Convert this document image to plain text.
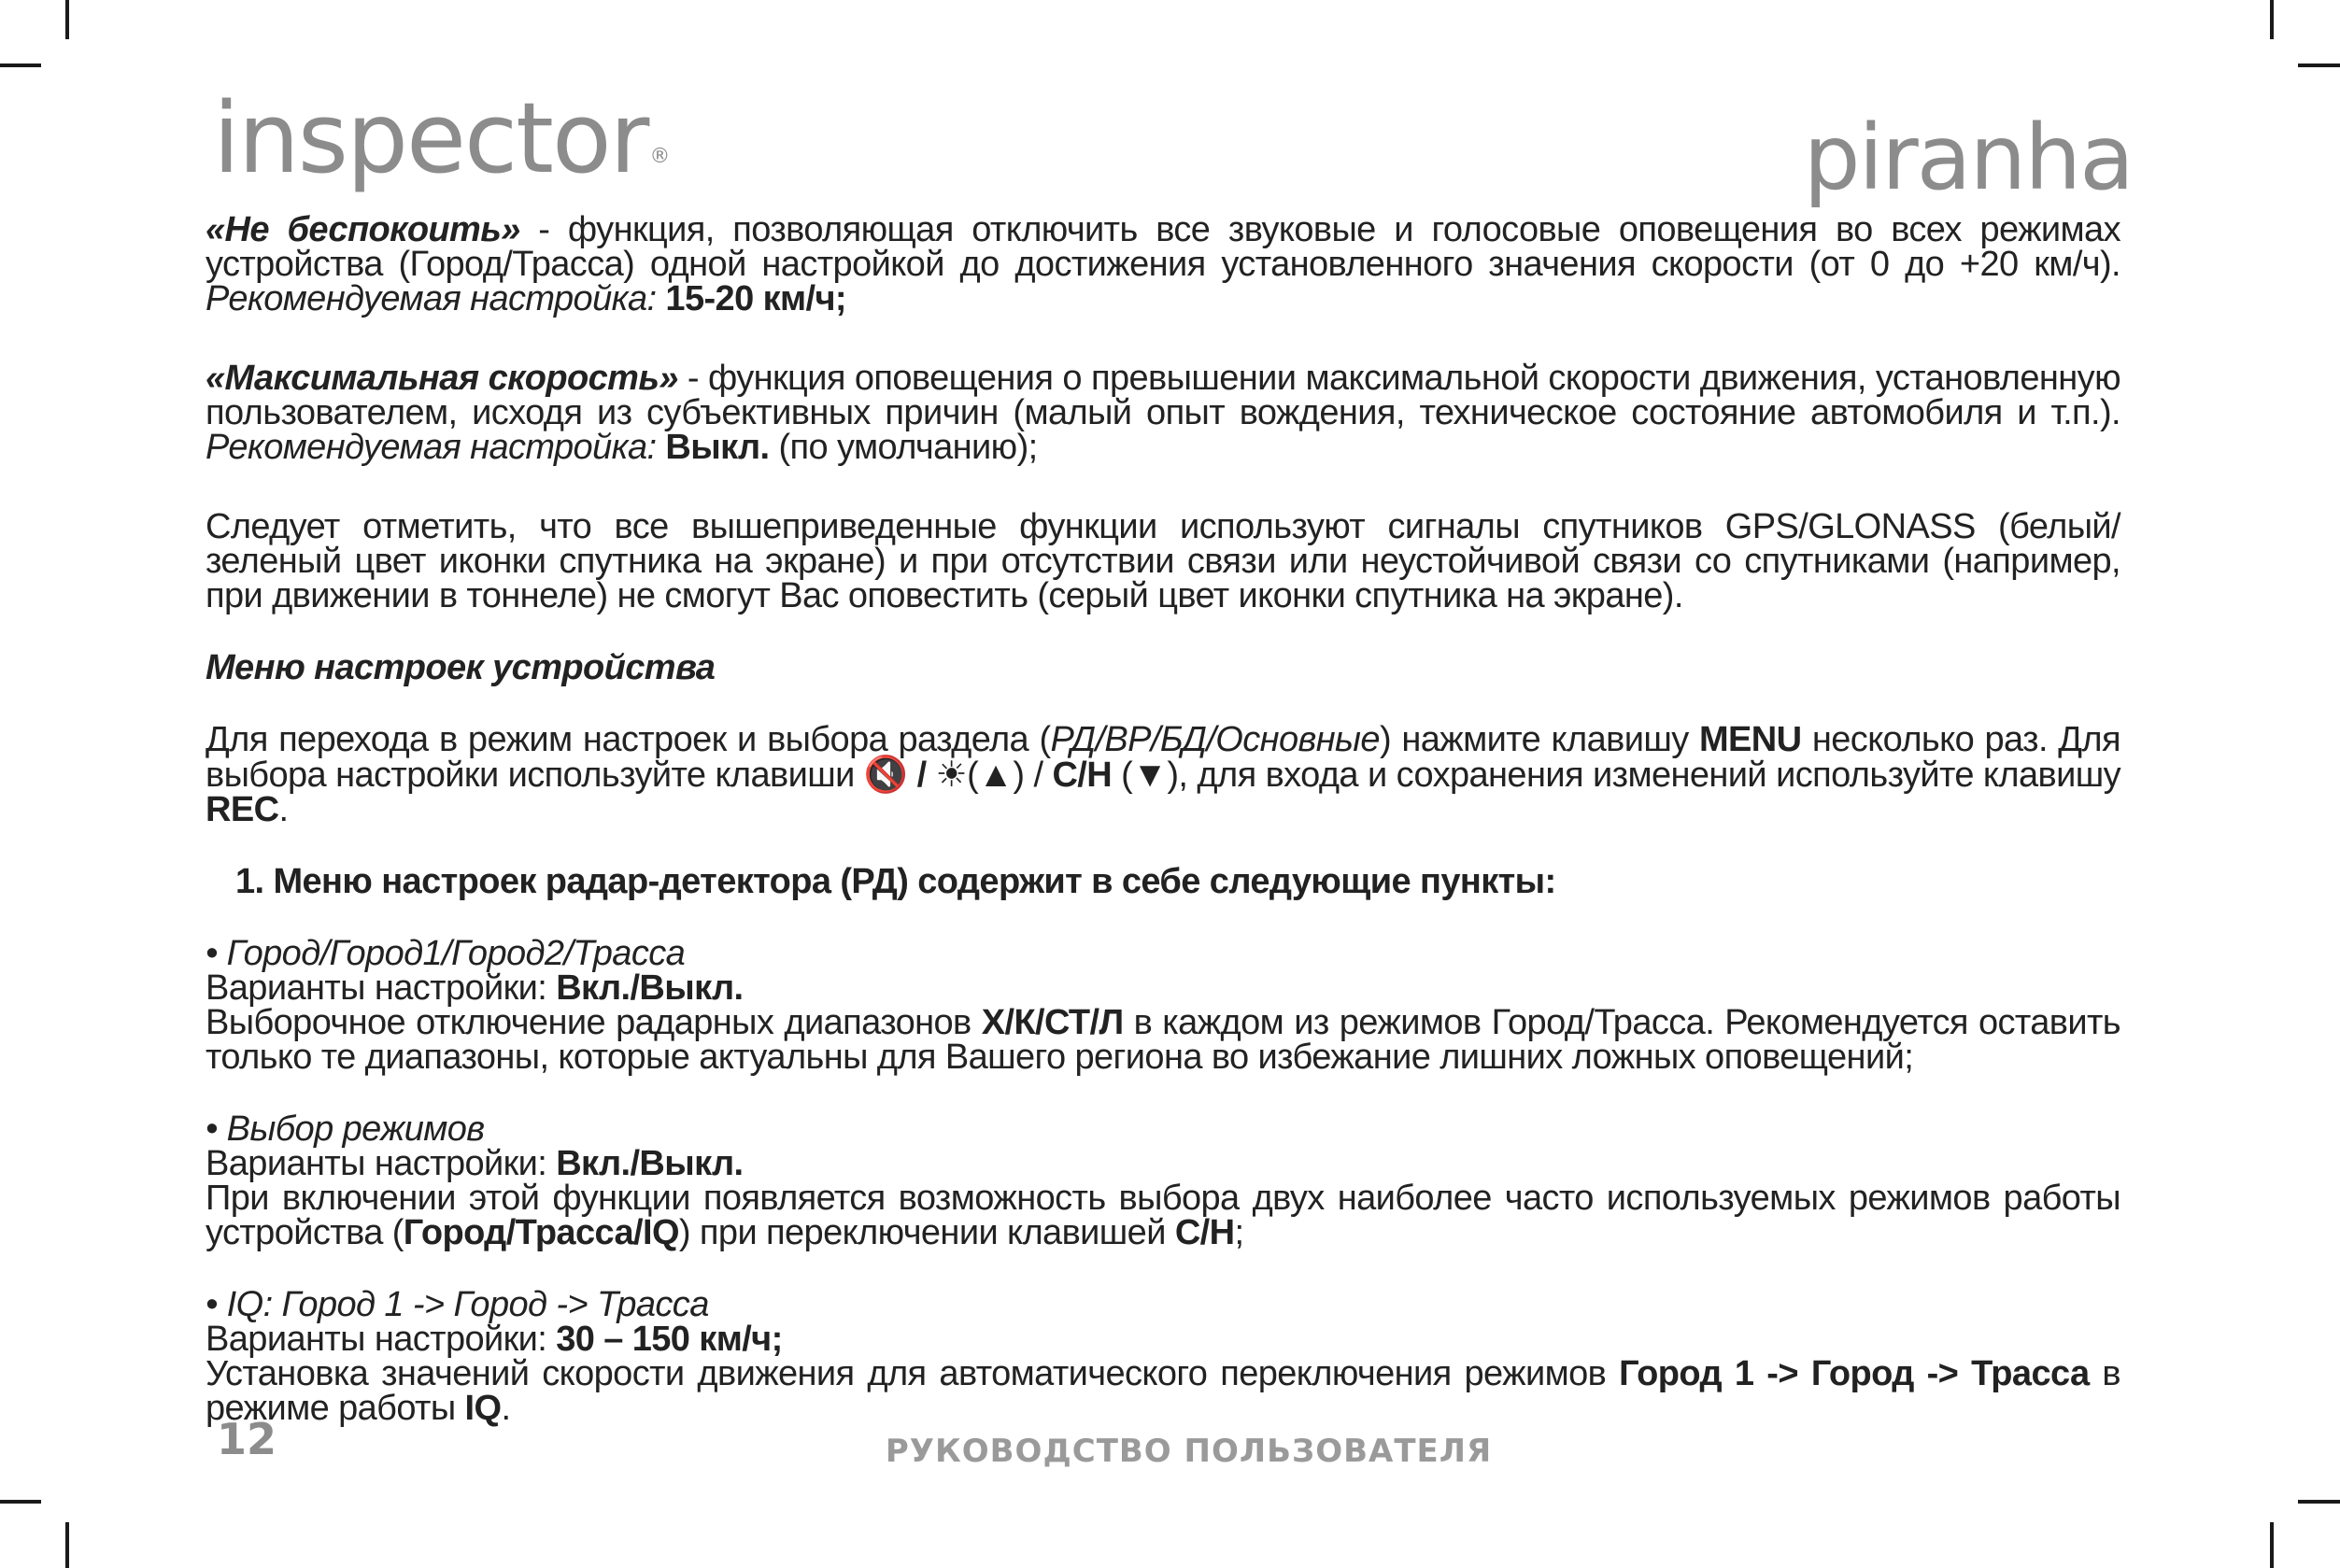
inspector®	piranha

«Не беспокоить» - функция, позволяющая отключить все звуковые и голосовые оповещения во всех режимах устройства (Город/Трасса) одной настройкой до достижения установленного значения скорости (от 0 до +20 км/ч). Рекомендуемая настройка: 15-20 км/ч;

«Максимальная скорость» - функция оповещения о превышении максимальной скорости движения, установленную пользователем, исходя из субъективных причин (малый опыт вождения, техническое состояние автомобиля и т.п.). Рекомендуемая настройка: Выкл. (по умолчанию);

Следует отметить, что все вышеприведенные функции используют сигналы спутников GPS/GLONASS (белый/зеленый цвет иконки спутника на экране) и при отсутствии связи или неустойчивой связи со спутниками (например, при движении в тоннеле) не смогут Вас оповестить (серый цвет иконки спутника на экране).

Меню настроек устройства

Для перехода в режим настроек и выбора раздела (РД/ВР/БД/Основные) нажмите клавишу MENU несколько раз. Для выбора настройки используйте клавиши 🔇 / ☀(▲) / С/Н (▼), для входа и сохранения изменений используйте клавишу REC.

1. Меню настроек радар-детектора (РД) содержит в себе следующие пункты:

• Город/Город1/Город2/Трасса

Варианты настройки: Вкл./Выкл.

Выборочное отключение радарных диапазонов Х/К/СТ/Л в каждом из режимов Город/Трасса. Рекомендуется оставить только те диапазоны, которые актуальны для Вашего региона во избежание лишних ложных оповещений;

• Выбор режимов

Варианты настройки: Вкл./Выкл.

При включении этой функции появляется возможность выбора двух наиболее часто используемых режимов работы устройства (Город/Трасса/IQ) при переключении клавишей С/Н;

• IQ: Город 1 -> Город -> Трасса

Варианты настройки: 30 – 150 км/ч;

Установка значений скорости движения для автоматического переключения режимов Город 1 -> Город -> Трасса в режиме работы IQ.

12	РУКОВОДСТВО ПОЛЬЗОВАТЕЛЯ
